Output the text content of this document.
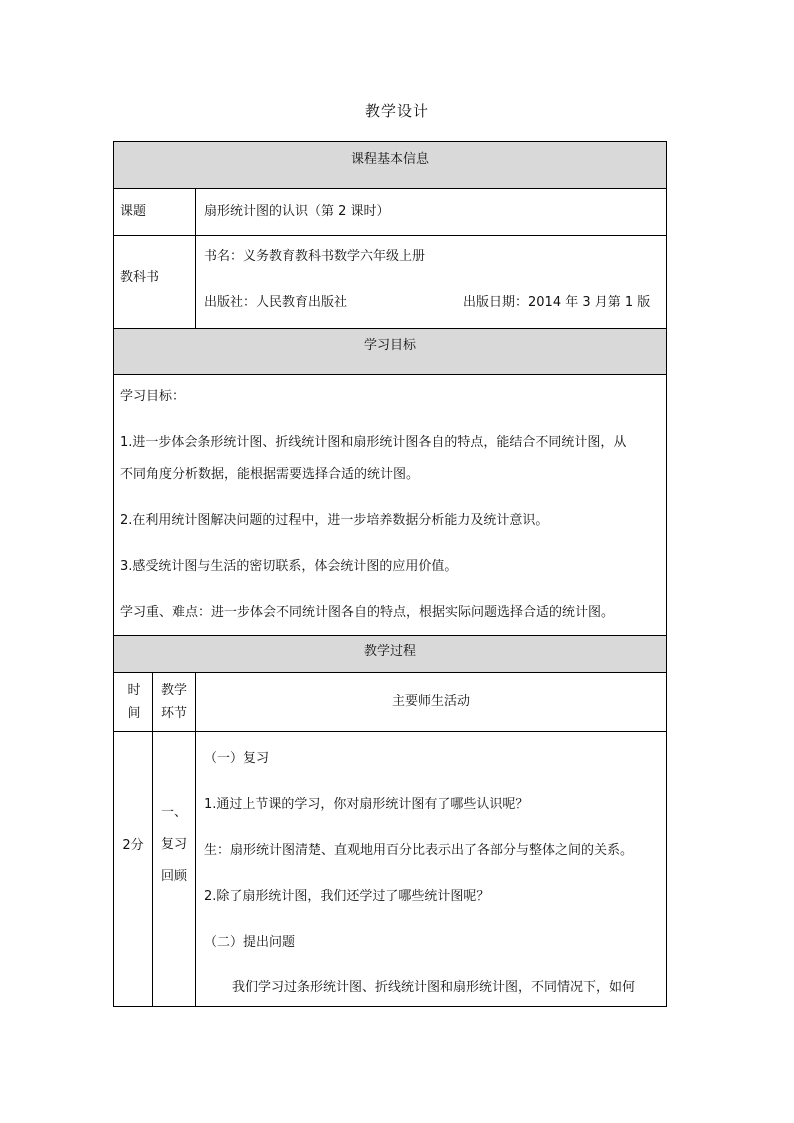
教学设计
课程基本信息
课题	扇形统计图的认识（第 2 课时）
教科书
书名：义务教育教科书数学六年级上册
出版社：人民教育出版社	出版日期：2014 年 3 月第 1 版
学习目标
学习目标：
1.进一步体会条形统计图、折线统计图和扇形统计图各自的特点，能结合不同统计图，从
不同角度分析数据，能根据需要选择合适的统计图。
2.在利用统计图解决问题的过程中，进一步培养数据分析能力及统计意识。
3.感受统计图与生活的密切联系，体会统计图的应用价值。
学习重、难点：进一步体会不同统计图各自的特点，根据实际问题选择合适的统计图。
教学过程
时
间
教学
环节
主要师生活动
2分
一、
复习
回顾
（一）复习
1.通过上节课的学习，你对扇形统计图有了哪些认识呢？
生：扇形统计图清楚、直观地用百分比表示出了各部分与整体之间的关系。
2.除了扇形统计图，我们还学过了哪些统计图呢？
（二）提出问题
我们学习过条形统计图、折线统计图和扇形统计图，不同情况下，如何
